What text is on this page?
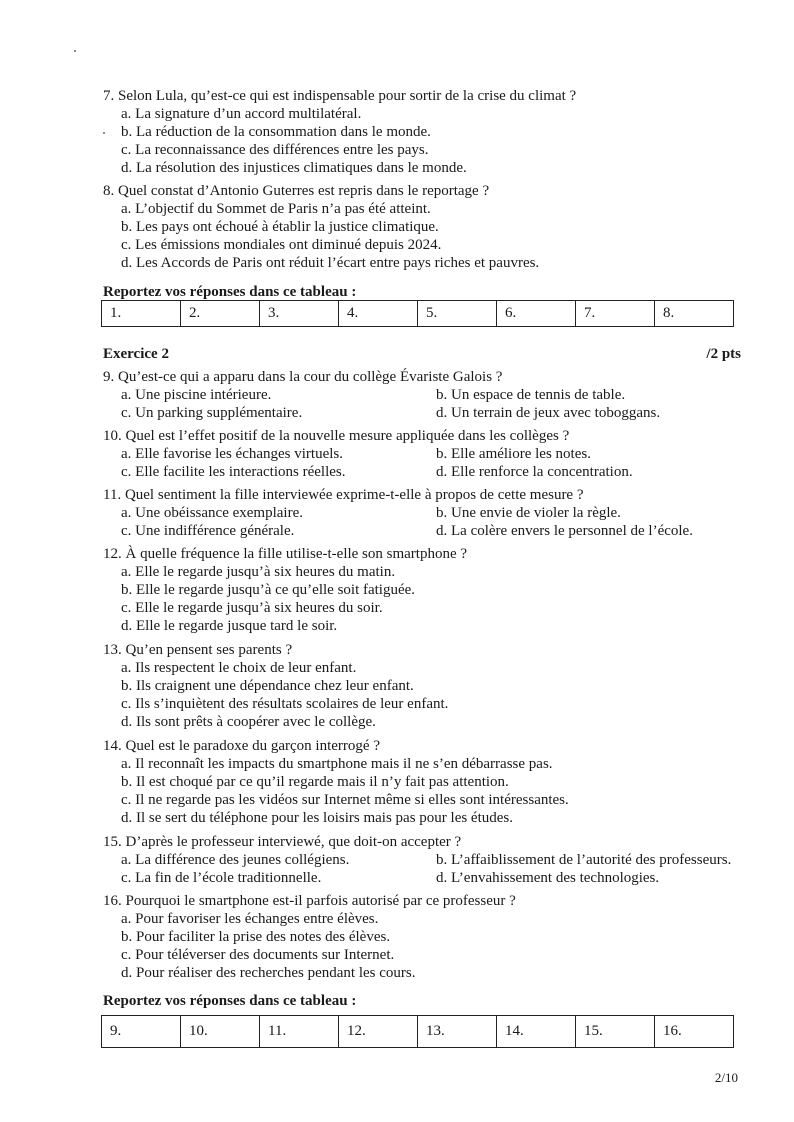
7. Selon Lula, qu’est-ce qui est indispensable pour sortir de la crise du climat ?
a. La signature d’un accord multilatéral.
b. La réduction de la consommation dans le monde.
c. La reconnaissance des différences entre les pays.
d. La résolution des injustices climatiques dans le monde.
8. Quel constat d’Antonio Guterres est repris dans le reportage ?
a. L’objectif du Sommet de Paris n’a pas été atteint.
b. Les pays ont échoué à établir la justice climatique.
c. Les émissions mondiales ont diminué depuis 2024.
d. Les Accords de Paris ont réduit l’écart entre pays riches et pauvres.
Reportez vos réponses dans ce tableau :
1.	2.	3.	4.	5.	6.	7.	8.
Exercice 2	/2 pts
9. Qu’est-ce qui a apparu dans la cour du collège Évariste Galois ?
a. Une piscine intérieure.	b. Un espace de tennis de table.
c. Un parking supplémentaire.	d. Un terrain de jeux avec toboggans.
10. Quel est l’effet positif de la nouvelle mesure appliquée dans les collèges ?
a. Elle favorise les échanges virtuels.	b. Elle améliore les notes.
c. Elle facilite les interactions réelles.	d. Elle renforce la concentration.
11. Quel sentiment la fille interviewée exprime-t-elle à propos de cette mesure ?
a. Une obéissance exemplaire.	b. Une envie de violer la règle.
c. Une indifférence générale.	d. La colère envers le personnel de l’école.
12. À quelle fréquence la fille utilise-t-elle son smartphone ?
a. Elle le regarde jusqu’à six heures du matin.
b. Elle le regarde jusqu’à ce qu’elle soit fatiguée.
c. Elle le regarde jusqu’à six heures du soir.
d. Elle le regarde jusque tard le soir.
13. Qu’en pensent ses parents ?
a. Ils respectent le choix de leur enfant.
b. Ils craignent une dépendance chez leur enfant.
c. Ils s’inquiètent des résultats scolaires de leur enfant.
d. Ils sont prêts à coopérer avec le collège.
14. Quel est le paradoxe du garçon interrogé ?
a. Il reconnaît les impacts du smartphone mais il ne s’en débarrasse pas.
b. Il est choqué par ce qu’il regarde mais il n’y fait pas attention.
c. Il ne regarde pas les vidéos sur Internet même si elles sont intéressantes.
d. Il se sert du téléphone pour les loisirs mais pas pour les études.
15. D’après le professeur interviewé, que doit-on accepter ?
a. La différence des jeunes collégiens.	b. L’affaiblissement de l’autorité des professeurs.
c. La fin de l’école traditionnelle.	d. L’envahissement des technologies.
16. Pourquoi le smartphone est-il parfois autorisé par ce professeur ?
a. Pour favoriser les échanges entre élèves.
b. Pour faciliter la prise des notes des élèves.
c. Pour téléverser des documents sur Internet.
d. Pour réaliser des recherches pendant les cours.
Reportez vos réponses dans ce tableau :
9.	10.	11.	12.	13.	14.	15.	16.
2/10
